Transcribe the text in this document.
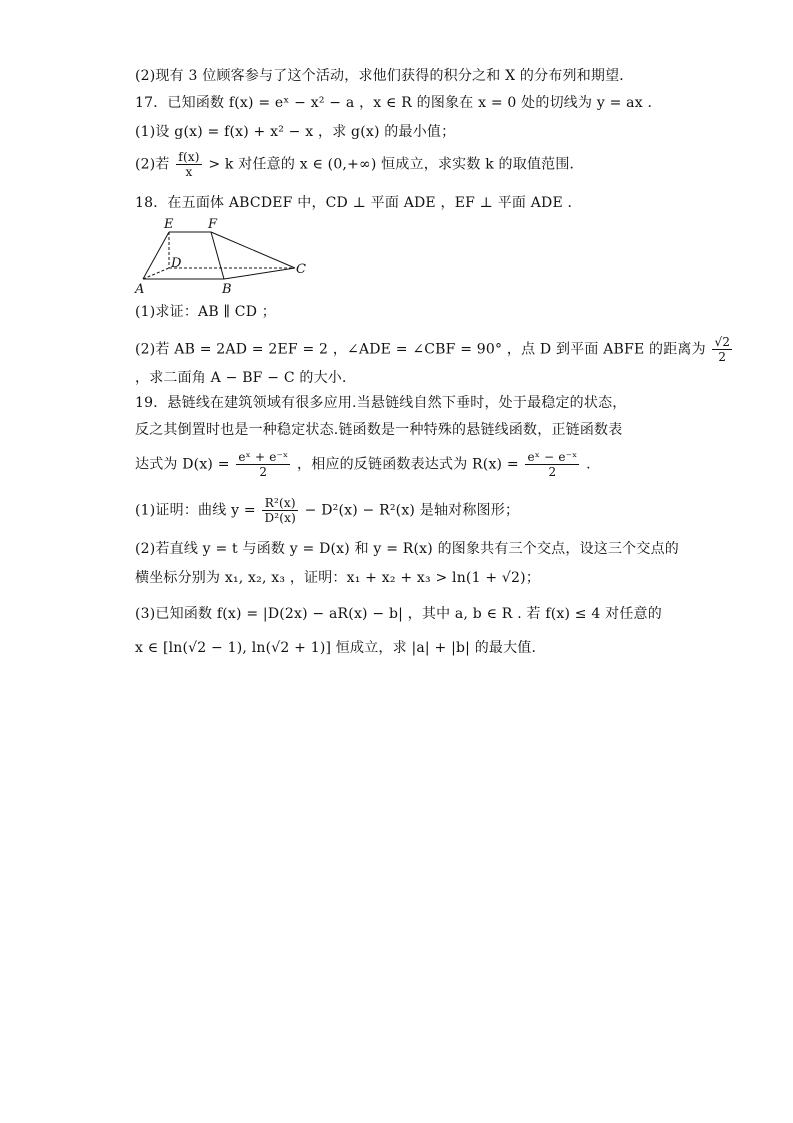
(2)现有 3 位顾客参与了这个活动，求他们获得的积分之和 X 的分布列和期望．
17．已知函数 f(x) = eˣ − x² − a ，x ∈ R 的图象在 x = 0 处的切线为 y = ax ．
(1)设 g(x) = f(x) + x² − x ，求 g(x) 的最小值；
(2)若 $\frac{f(x)}{x} > k$ 对任意的 x ∈ (0,+∞) 恒成立，求实数 k 的取值范围．
18．在五面体 ABCDEF 中，CD ⊥ 平面 ADE ，EF ⊥ 平面 ADE ．
E	F
D	C
A	B
(1)求证：AB ∥ CD ；
(2)若 AB = 2AD = 2EF = 2 ，∠ADE = ∠CBF = 90° ，点 D 到平面 ABFE 的距离为 $\frac{√2}{2}$
，求二面角 A − BF − C 的大小．
19．悬链线在建筑领域有很多应用.当悬链线自然下垂时，处于最稳定的状态，
反之其倒置时也是一种稳定状态.链函数是一种特殊的悬链线函数，正链函数表
达式为 $D(x) = \frac{\text{eˣ + e⁻ˣ}}{2}$ ，相应的反链函数表达式为 $R(x) = \frac{\text{eˣ − e⁻ˣ}}{2}$ .
(1)证明：曲线 $y = \frac{\text{R²(x)}}{\text{D²(x)}} - D^2(x) - R^2(x)$ 是轴对称图形；
(2)若直线 y = t 与函数 y = D(x) 和 y = R(x) 的图象共有三个交点，设这三个交点的
横坐标分别为 x₁, x₂, x₃ ，证明：x₁ + x₂ + x₃ > ln(1 + √2)；
(3)已知函数 f(x) = |D(2x) − aR(x) − b| ，其中 a, b ∈ R . 若 f(x) ≤ 4 对任意的
x ∈ [ln(√2 − 1), ln(√2 + 1)] 恒成立，求 |a| + |b| 的最大值．
